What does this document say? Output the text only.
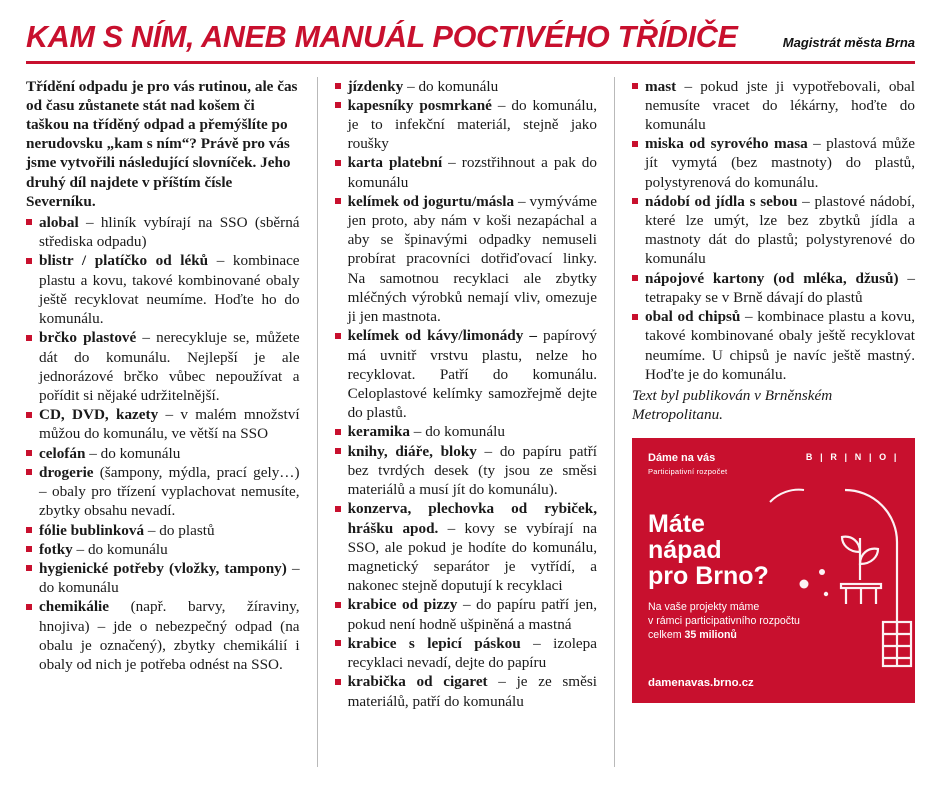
KAM S NÍM, ANEB MANUÁL POCTIVÉHO TŘÍDIČE	Magistrát města Brna

Třídění odpadu je pro vás rutinou, ale čas od času zůstanete stát nad košem či taškou na tříděný odpad a přemýšlíte po nerudovsku „kam s ním“? Právě pro vás jsme vytvořili následující slovníček. Jeho druhý díl najdete v příštím čísle Severníku.

alobal – hliník vybírají na SSO (sběrná střediska odpadu)

blistr / platíčko od léků – kombinace plastu a kovu, takové kombinované obaly ještě recyklovat neumíme. Hoďte ho do komunálu.

brčko plastové – nerecykluje se, můžete dát do komunálu. Nejlepší je ale jednorázové brčko vůbec nepoužívat a pořídit si nějaké udržitelnější.

CD, DVD, kazety – v malém množství můžou do komunálu, ve větší na SSO

celofán – do komunálu

drogerie (šampony, mýdla, prací gely…) – obaly pro třízení vyplachovat nemusíte, zbytky obsahu nevadí.

fólie bublinková – do plastů

fotky – do komunálu

hygienické potřeby (vložky, tampony) – do komunálu

chemikálie (např. barvy, žíraviny, hnojiva) – jde o nebezpečný odpad (na obalu je označený), zbytky chemikálií i obaly od nich je potřeba odnést na SSO.

jízdenky – do komunálu

kapesníky posmrkané – do komunálu, je to infekční materiál, stejně jako roušky

karta platební – rozstřihnout a pak do komunálu

kelímek od jogurtu/másla – vymýváme jen proto, aby nám v koši nezapáchal a aby se špinavými odpadky nemuseli probírat pracovníci dotřiďovací linky. Na samotnou recyklaci ale zbytky mléčných výrobků nemají vliv, omezuje ji jen mastnota.

kelímek od kávy/limonády – papírový má uvnitř vrstvu plastu, nelze ho recyklovat. Patří do komunálu. Celoplastové kelímky samozřejmě dejte do plastů.

keramika – do komunálu

knihy, diáře, bloky – do papíru patří bez tvrdých desek (ty jsou ze směsi materiálů a musí jít do komunálu).

konzerva, plechovka od rybiček, hrášku apod. – kovy se vybírají na SSO, ale pokud je hodíte do komunálu, magnetický separátor je vytřídí, a nakonec stejně doputují k recyklaci

krabice od pizzy – do papíru patří jen, pokud není hodně ušpiněná a mastná

krabice s lepicí páskou – izolepa recyklaci nevadí, dejte do papíru

krabička od cigaret – je ze směsi materiálů, patří do komunálu

mast – pokud jste ji vypotřebovali, obal nemusíte vracet do lékárny, hoďte do komunálu

miska od syrového masa – plastová může jít vymytá (bez mastnoty) do plastů, polystyrenová do komunálu.

nádobí od jídla s sebou – plastové nádobí, které lze umýt, lze bez zbytků jídla a mastnoty dát do plastů; polystyrenové do komunálu

nápojové kartony (od mléka, džusů) – tetrapaky se v Brně dávají do plastů

obal od chipsů – kombinace plastu a kovu, takové kombinované obaly ještě recyklovat neumíme. U chipsů je navíc ještě mastný. Hoďte je do komunálu.

Text byl publikován v Brněnském Metropolitanu.

Dáme na vás
Participativní rozpočet
B | R | N | O |
Máte
nápad
pro Brno?
Na vaše projekty máme
v rámci participativního rozpočtu
celkem 35 milionů
damenavas.brno.cz
